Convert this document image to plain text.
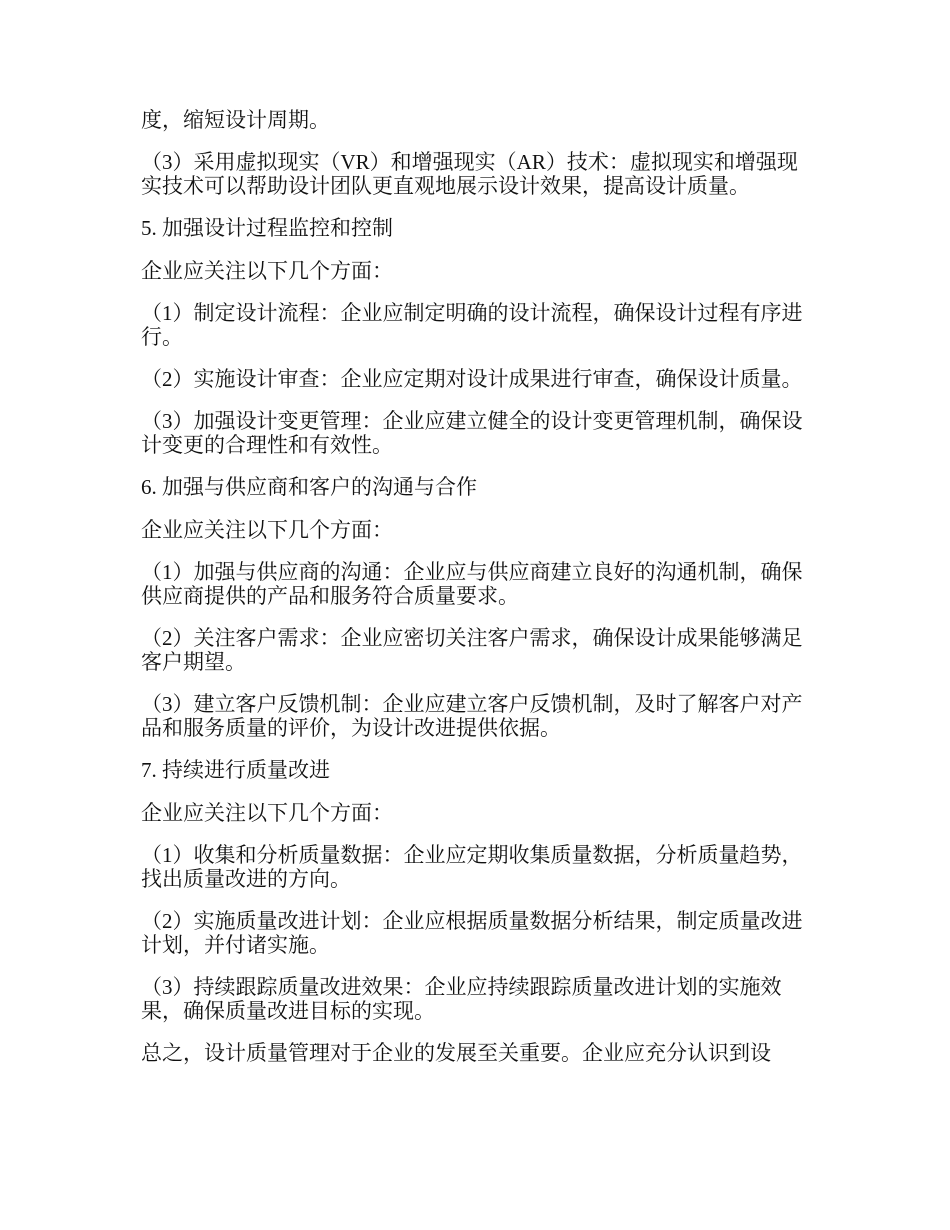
度，缩短设计周期。

（3）采用虚拟现实（VR）和增强现实（AR）技术：虚拟现实和增强现实技术可以帮助设计团队更直观地展示设计效果，提高设计质量。

5. 加强设计过程监控和控制

企业应关注以下几个方面：

（1）制定设计流程：企业应制定明确的设计流程，确保设计过程有序进行。

（2）实施设计审查：企业应定期对设计成果进行审查，确保设计质量。

（3）加强设计变更管理：企业应建立健全的设计变更管理机制，确保设计变更的合理性和有效性。

6. 加强与供应商和客户的沟通与合作

企业应关注以下几个方面：

（1）加强与供应商的沟通：企业应与供应商建立良好的沟通机制，确保供应商提供的产品和服务符合质量要求。

（2）关注客户需求：企业应密切关注客户需求，确保设计成果能够满足客户期望。

（3）建立客户反馈机制：企业应建立客户反馈机制，及时了解客户对产品和服务质量的评价，为设计改进提供依据。

7. 持续进行质量改进

企业应关注以下几个方面：

（1）收集和分析质量数据：企业应定期收集质量数据，分析质量趋势，找出质量改进的方向。

（2）实施质量改进计划：企业应根据质量数据分析结果，制定质量改进计划，并付诸实施。

（3）持续跟踪质量改进效果：企业应持续跟踪质量改进计划的实施效果，确保质量改进目标的实现。

总之，设计质量管理对于企业的发展至关重要。企业应充分认识到设
